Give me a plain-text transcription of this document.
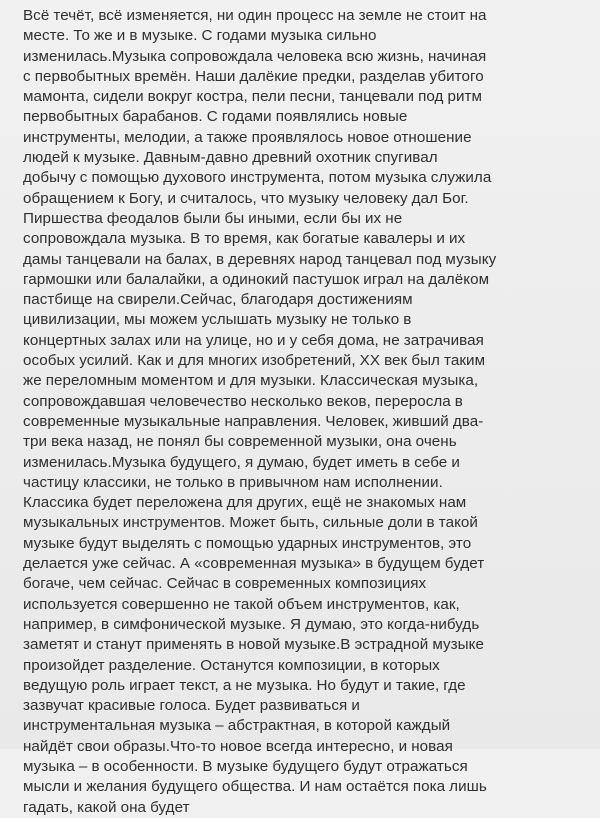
Всё течёт, всё изменяется, ни один процесс на земле не стоит на
месте. То же и в музыке. С годами музыка сильно
изменилась.Музыка сопровождала человека всю жизнь, начиная
с первобытных времён. Наши далёкие предки, разделав убитого
мамонта, сидели вокруг костра, пели песни, танцевали под ритм
первобытных барабанов. С годами появлялись новые
инструменты, мелодии, а также проявлялось новое отношение
людей к музыке. Давным-давно древний охотник спугивал
добычу с помощью духового инструмента, потом музыка служила
обращением к Богу, и считалось, что музыку человеку дал Бог.
Пиршества феодалов были бы иными, если бы их не
сопровождала музыка. В то время, как богатые кавалеры и их
дамы танцевали на балах, в деревнях народ танцевал под музыку
гармошки или балалайки, а одинокий пастушок играл на далёком
пастбище на свирели.Сейчас, благодаря достижениям
цивилизации, мы можем услышать музыку не только в
концертных залах или на улице, но и у себя дома, не затрачивая
особых усилий. Как и для многих изобретений, XX век был таким
же переломным моментом и для музыки. Классическая музыка,
сопровождавшая человечество несколько веков, переросла в
современные музыкальные направления. Человек, живший два-
три века назад, не понял бы современной музыки, она очень
изменилась.Музыка будущего, я думаю, будет иметь в себе и
частицу классики, не только в привычном нам исполнении.
Классика будет переложена для других, ещё не знакомых нам
музыкальных инструментов. Может быть, сильные доли в такой
музыке будут выделять с помощью ударных инструментов, это
делается уже сейчас. А «современная музыка» в будущем будет
богаче, чем сейчас. Сейчас в современных композициях
используется совершенно не такой объем инструментов, как,
например, в симфонической музыке. Я думаю, это когда-нибудь
заметят и станут применять в новой музыке.В эстрадной музыке
произойдет разделение. Останутся композиции, в которых
ведущую роль играет текст, а не музыка. Но будут и такие, где
зазвучат красивые голоса. Будет развиваться и
инструментальная музыка – абстрактная, в которой каждый
найдёт свои образы.Что-то новое всегда интересно, и новая
музыка – в особенности. В музыке будущего будут отражаться
мысли и желания будущего общества. И нам остаётся пока лишь
гадать, какой она будет
